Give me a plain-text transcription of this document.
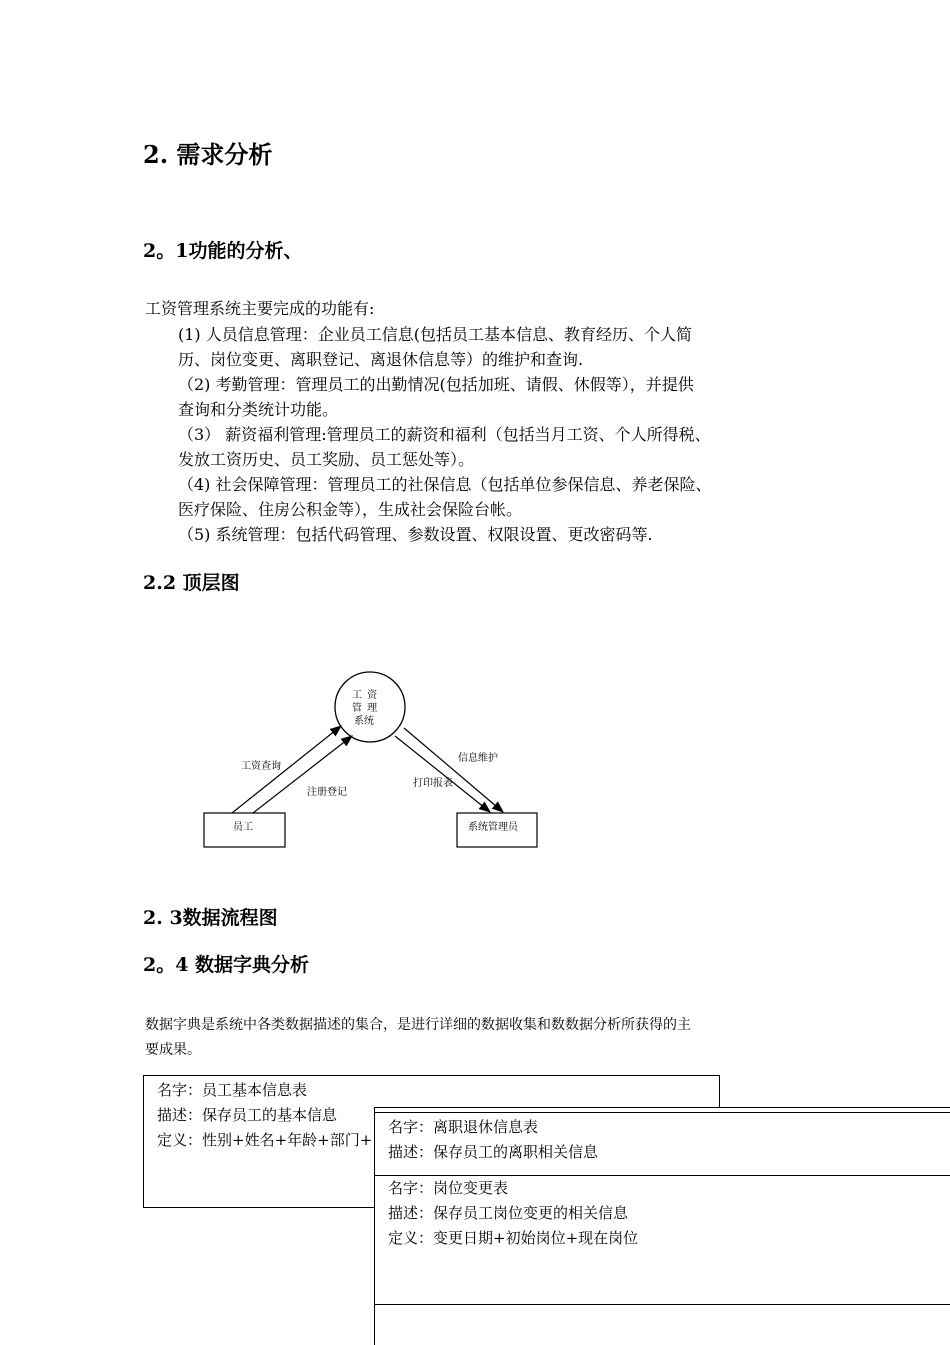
2. 需求分析
2。1功能的分析、
工资管理系统主要完成的功能有:
(1) 人员信息管理：企业员工信息(包括员工基本信息、教育经历、个人简
历、岗位变更、离职登记、离退休信息等）的维护和查询.
（2) 考勤管理：管理员工的出勤情况(包括加班、请假、休假等），并提供
查询和分类统计功能。
（3） 薪资福利管理:管理员工的薪资和福利（包括当月工资、个人所得税、
发放工资历史、员工奖励、员工惩处等）。
（4) 社会保障管理：管理员工的社保信息（包括单位参保信息、养老保险、
医疗保险、住房公积金等），生成社会保险台帐。
（5) 系统管理：包括代码管理、参数设置、权限设置、更改密码等.
2.2 顶层图
工 资
管 理
系统
员工	系统管理员
工资查询
注册登记
信息维护
打印报表
2. 3数据流程图
2。4 数据字典分析
数据字典是系统中各类数据描述的集合，是进行详细的数据收集和数数据分析所获得的主
要成果。
名字：员工基本信息表
描述：保存员工的基本信息
定义：性别+姓名+年龄+部门+
名字：离职退休信息表
描述：保存员工的离职相关信息
名字：岗位变更表
描述：保存员工岗位变更的相关信息
定义：变更日期+初始岗位+现在岗位
